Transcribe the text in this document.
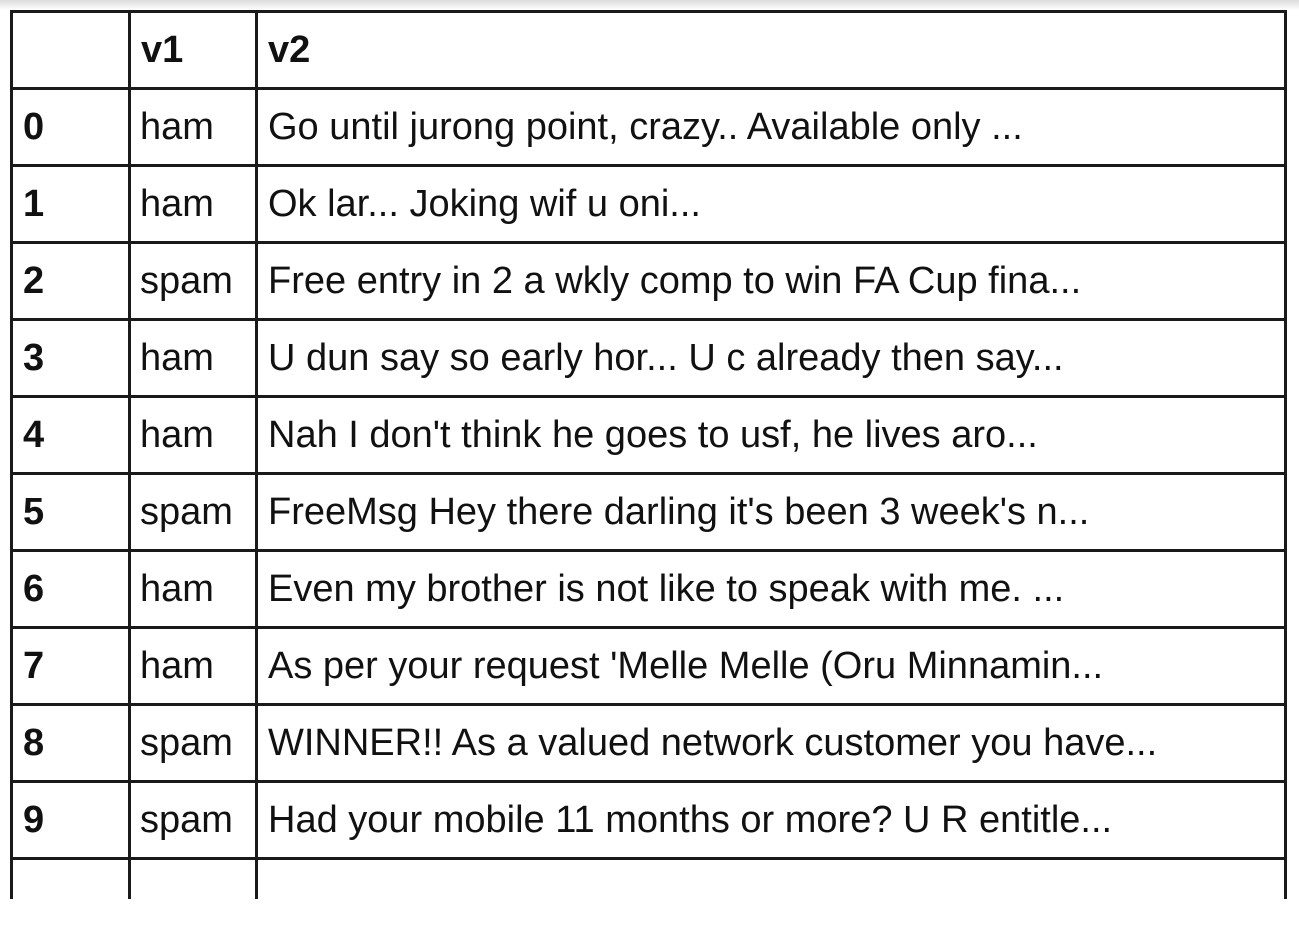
	v1	v2
0	ham	Go until jurong point, crazy.. Available only ...
1	ham	Ok lar... Joking wif u oni...
2	spam	Free entry in 2 a wkly comp to win FA Cup fina...
3	ham	U dun say so early hor... U c already then say...
4	ham	Nah I don't think he goes to usf, he lives aro...
5	spam	FreeMsg Hey there darling it's been 3 week's n...
6	ham	Even my brother is not like to speak with me. ...
7	ham	As per your request 'Melle Melle (Oru Minnamin...
8	spam	WINNER!! As a valued network customer you have...
9	spam	Had your mobile 11 months or more? U R entitle...
